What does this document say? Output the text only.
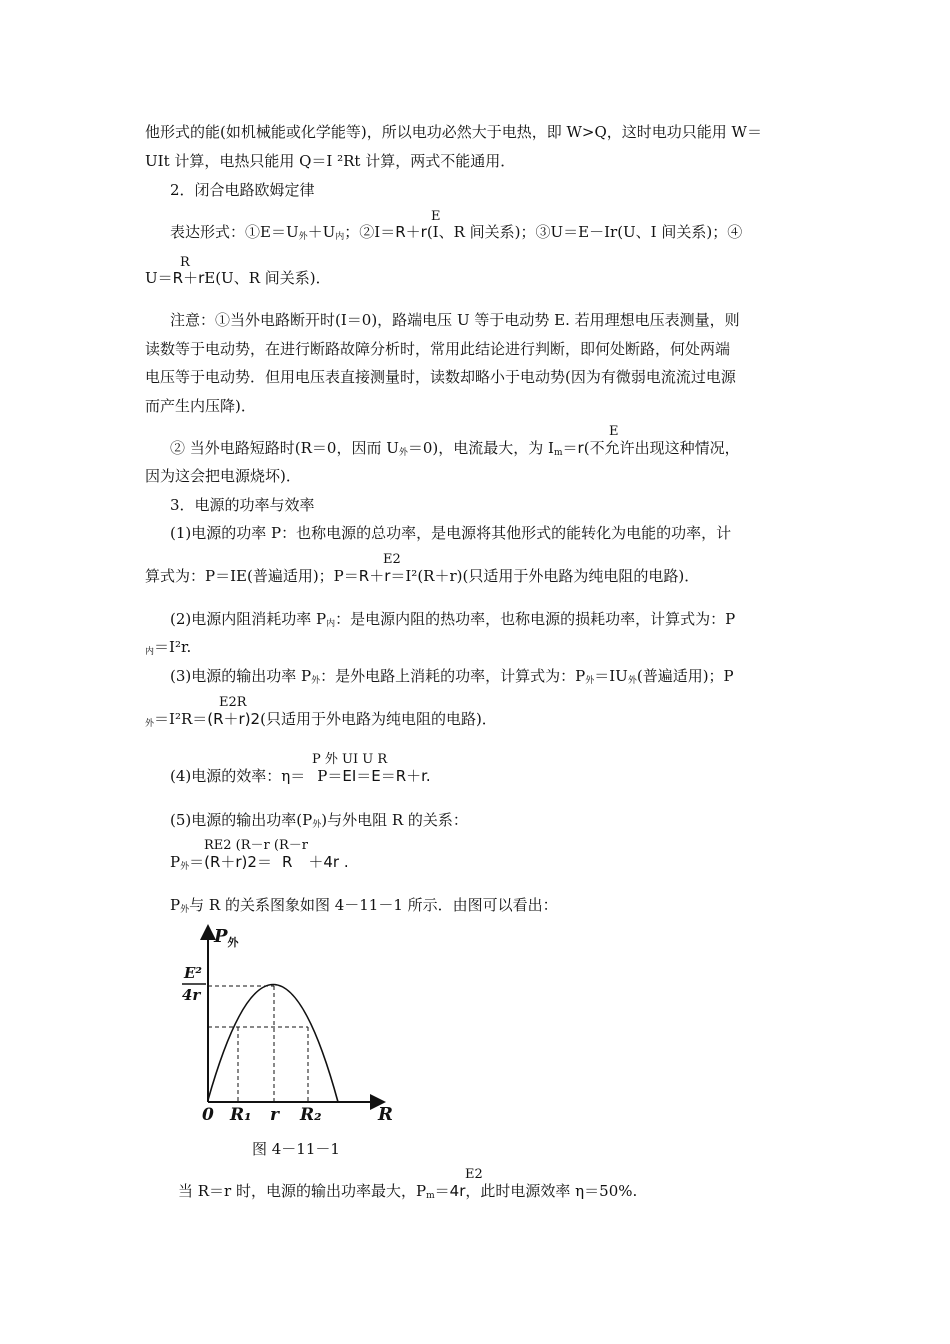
他形式的能(如机械能或化学能等)，所以电功必然大于电热，即 W>Q，这时电功只能用 W＝
UIt 计算，电热只能用 Q＝I ²Rt 计算，两式不能通用．
2．闭合电路欧姆定律
E
表达形式：$①E=U_外+U_内$；②I＝R＋r(I、R 间关系)；③U＝E－Ir(U、I 间关系)；④
R
U＝R＋rE(U、R 间关系)．
注意：①当外电路断开时(I＝0)，路端电压 U 等于电动势 E. 若用理想电压表测量，则
读数等于电动势，在进行断路故障分析时，常用此结论进行判断，即何处断路，何处两端
电压等于电动势．但用电压表直接测量时，读数却略小于电动势(因为有微弱电流流过电源
而产生内压降)．
E
② 当外电路短路时(R＝0，因而 $U_外=0$)，电流最大，为 $I_m=r$(不允许出现这种情况，
因为这会把电源烧坏)．
3．电源的功率与效率
(1)电源的功率 P：也称电源的总功率，是电源将其他形式的能转化为电能的功率，计
E2
算式为：P＝IE(普遍适用)；P＝R＋r＝I²(R＋r)(只适用于外电路为纯电阻的电路)．
(2)电源内阻消耗功率 $P_内$：是电源内阻的热功率，也称电源的损耗功率，计算式为：P
$_内$＝I²r.
(3)电源的输出功率 $P_外$：是外电路上消耗的功率，计算式为：$P_外=IU_外$(普遍适用)；P
E2R
$_外$＝I²R＝(R＋r)2(只适用于外电路为纯电阻的电路)．
P 外 UI U R
(4)电源的效率：η＝ P＝EI＝E＝R＋r.
(5)电源的输出功率$(P_外)$与外电阻 R 的关系：
RE2 (R－r (R－r
$P_外=(R+r)2= R +4r$ .
$P_外$与 R 的关系图象如图 4－11－1 所示．由图可以看出：
$P_外$
E²
4r
0 R₁ r R₂	R
图 4－11－1
E2
当 R＝r 时，电源的输出功率最大，$P_m=4r$，此时电源效率 η＝50%.
